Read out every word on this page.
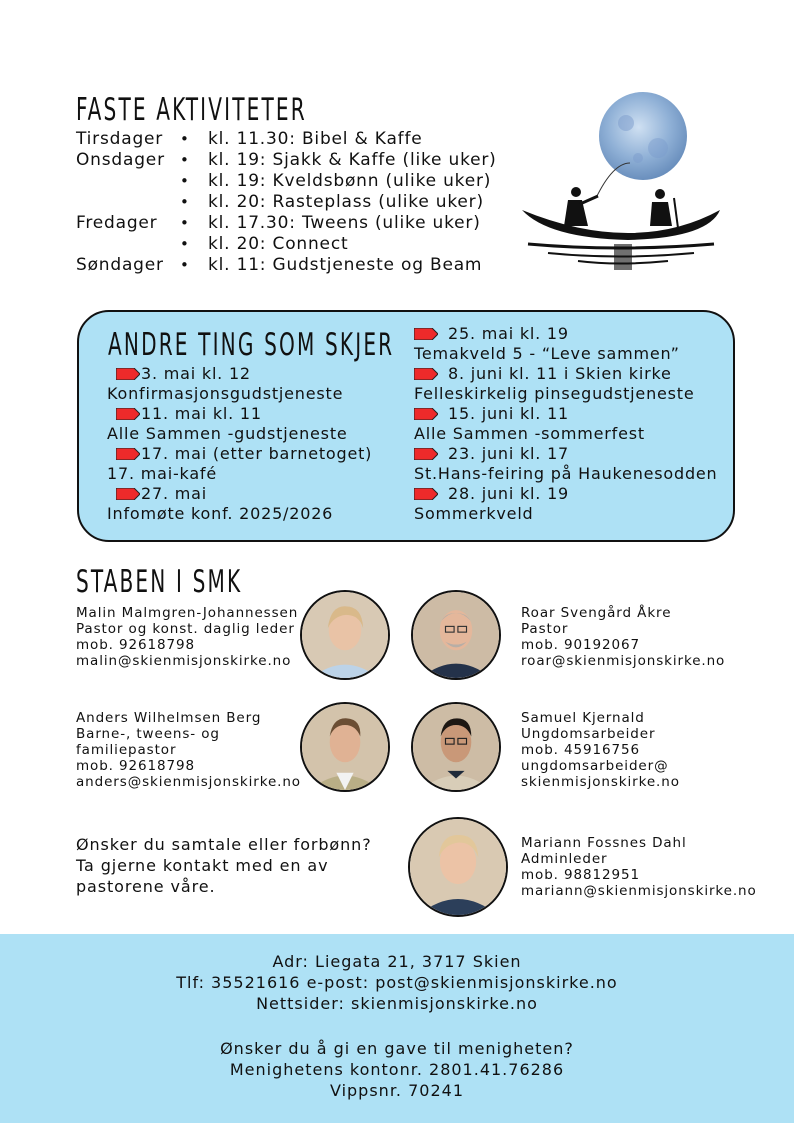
FASTE AKTIVITETER
Tirsdager	• kl. 11.30: Bibel & Kaffe
Onsdager	• kl. 19: Sjakk & Kaffe (like uker)
• kl. 19: Kveldsbønn (ulike uker)
• kl. 20: Rasteplass (ulike uker)
Fredager	• kl. 17.30: Tweens (ulike uker)
• kl. 20: Connect
Søndager	• kl. 11: Gudstjeneste og Beam
ANDRE TING SOM SKJER
3. mai kl. 12
Konfirmasjonsgudstjeneste
11. mai kl. 11
Alle Sammen -gudstjeneste
17. mai (etter barnetoget)
17. mai-kafé
27. mai
Infomøte konf. 2025/2026
25. mai kl. 19
Temakveld 5 - “Leve sammen”
8. juni kl. 11 i Skien kirke
Felleskirkelig pinsegudstjeneste
15. juni kl. 11
Alle Sammen -sommerfest
23. juni kl. 17
St.Hans-feiring på Haukenesodden
28. juni kl. 19
Sommerkveld
STABEN I SMK
Malin Malmgren-Johannessen
Pastor og konst. daglig leder
mob. 92618798
malin@skienmisjonskirke.no
Roar Svengård Åkre
Pastor
mob. 90192067
roar@skienmisjonskirke.no
Anders Wilhelmsen Berg
Barne-, tweens- og
familiepastor
mob. 92618798
anders@skienmisjonskirke.no
Samuel Kjernald
Ungdomsarbeider
mob. 45916756
ungdomsarbeider@
skienmisjonskirke.no
Ønsker du samtale eller forbønn?
Ta gjerne kontakt med en av
pastorene våre.
Mariann Fossnes Dahl
Adminleder
mob. 98812951
mariann@skienmisjonskirke.no
Adr: Liegata 21, 3717 Skien
Tlf: 35521616 e-post: post@skienmisjonskirke.no
Nettsider: skienmisjonskirke.no
Ønsker du å gi en gave til menigheten?
Menighetens kontonr. 2801.41.76286
Vippsnr. 70241
